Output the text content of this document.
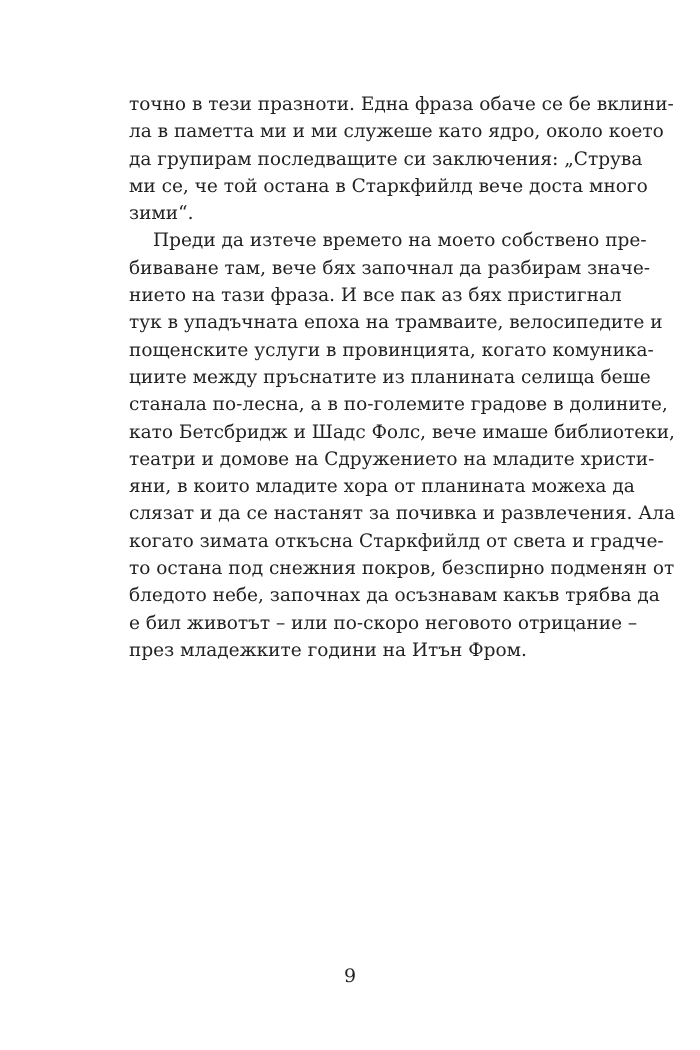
точно в тези празноти. Една фраза обаче се бе вклини-
ла в паметта ми и ми служеше като ядро, около което
да групирам последващите си заключения: „Струва
ми се, че той остана в Старкфийлд вече доста много
зими“.
Преди да изтече времето на моето собствено пре-
биваване там, вече бях започнал да разбирам значе-
нието на тази фраза. И все пак аз бях пристигнал
тук в упадъчната епоха на трамваите, велосипедите и
пощенските услуги в провинцията, когато комуника-
циите между пръснатите из планината селища беше
станала по-лесна, а в по-големите градове в долините,
като Бетсбридж и Шадс Фолс, вече имаше библиотеки,
театри и домове на Сдружението на младите христи-
яни, в които младите хора от планината можеха да
слязат и да се настанят за почивка и развлечения. Ала
когато зимата откъсна Старкфийлд от света и градче-
то остана под снежния покров, безспирно подменян от
бледото небе, започнах да осъзнавам какъв трябва да
е бил животът – или по-скоро неговото отрицание –
през младежките години на Итън Фром.
9
